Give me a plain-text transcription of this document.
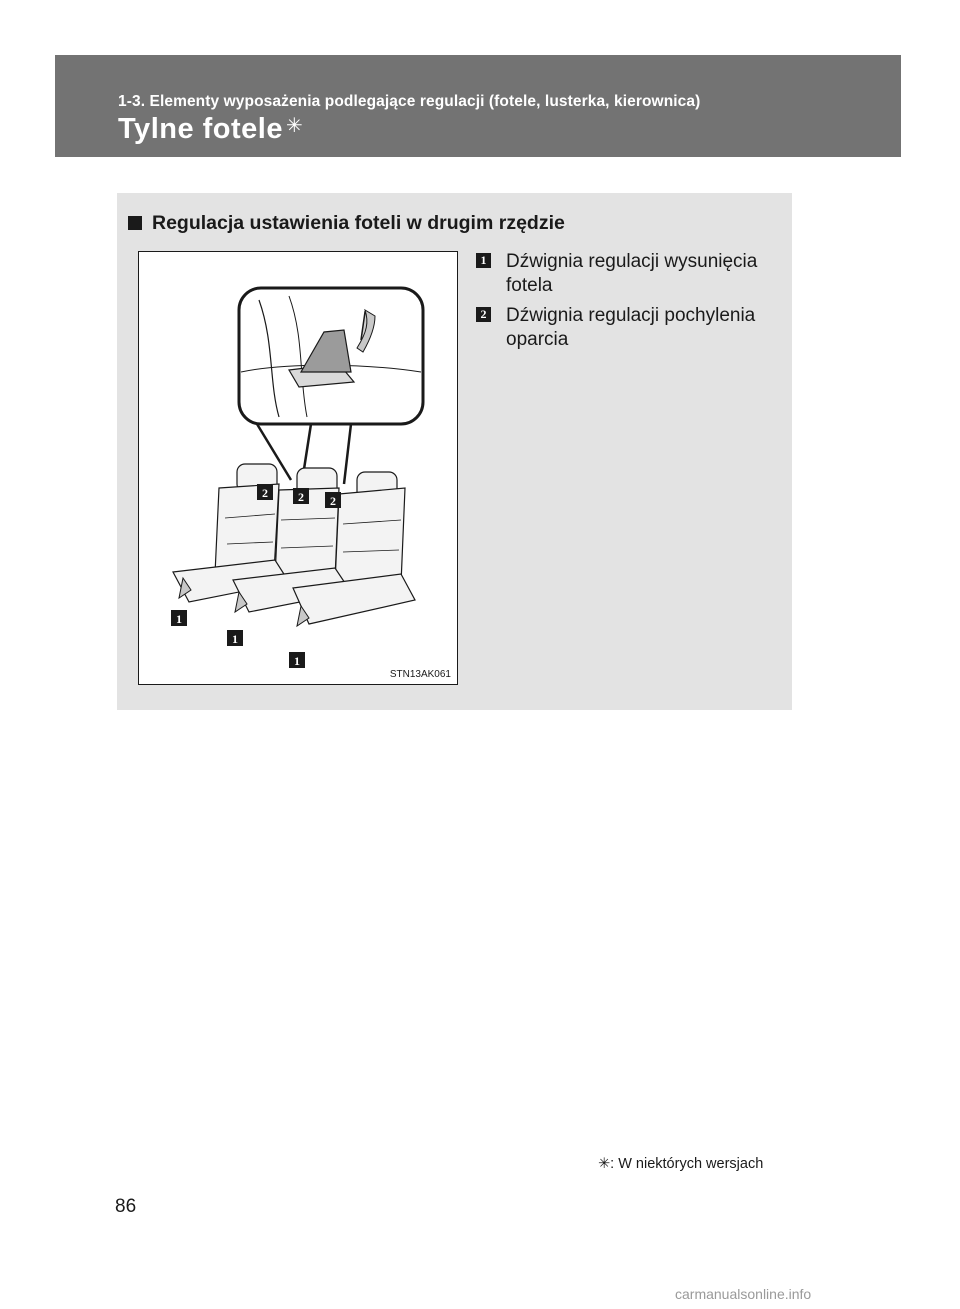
1-3. Elementy wyposażenia podlegające regulacji (fotele, lusterka, kierownica)
Tylne fotele ✳
Regulacja ustawienia foteli w drugim rzędzie
2	2 2
1
1
1
STN13AK061
1 Dźwignia regulacji wysunięcia fotela
2 Dźwignia regulacji pochylenia oparcia
✳: W niektórych wersjach
86
carmanualsonline.info
